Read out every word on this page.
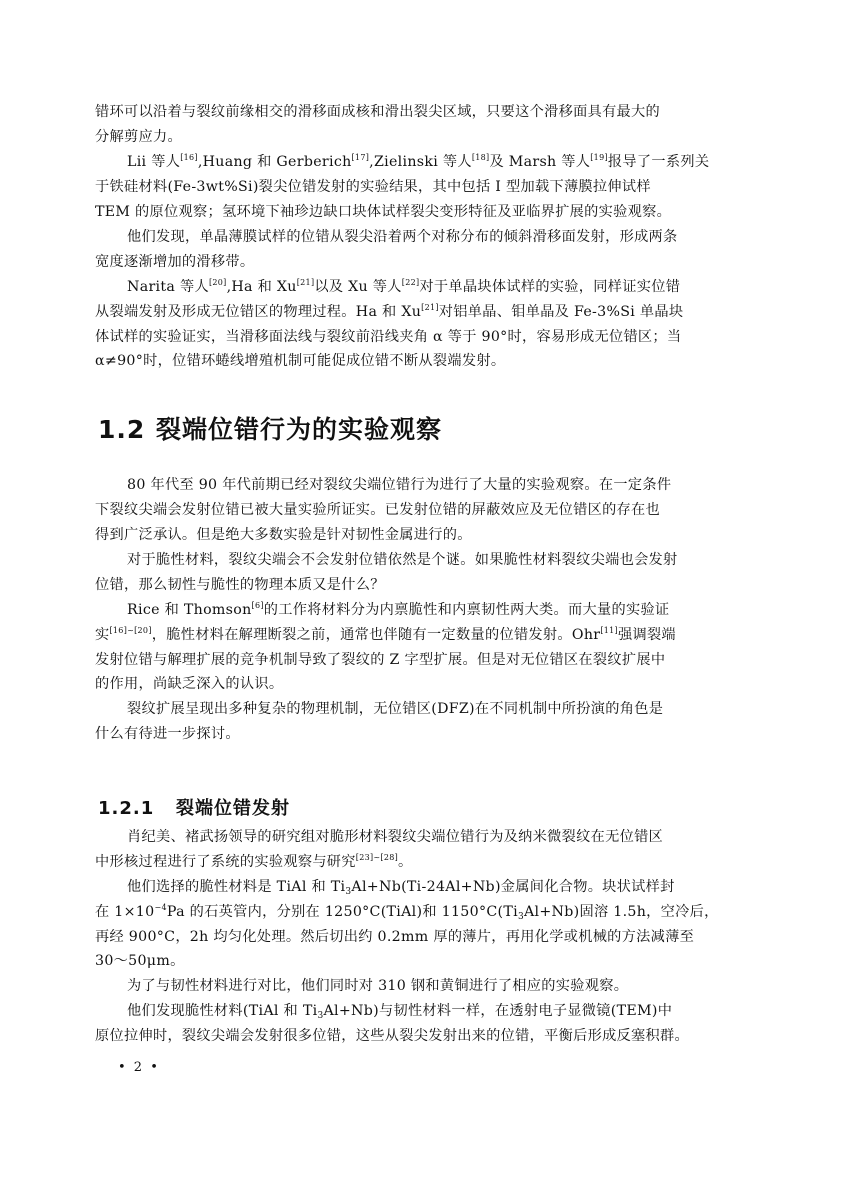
错环可以沿着与裂纹前缘相交的滑移面成核和滑出裂尖区域，只要这个滑移面具有最大的
分解剪应力。
Lii 等人[16],Huang 和 Gerberich[17],Zielinski 等人[18]及 Marsh 等人[19]报导了一系列关
于铁硅材料(Fe-3wt%Si)裂尖位错发射的实验结果，其中包括 I 型加载下薄膜拉伸试样
TEM 的原位观察；氢环境下袖珍边缺口块体试样裂尖变形特征及亚临界扩展的实验观察。
他们发现，单晶薄膜试样的位错从裂尖沿着两个对称分布的倾斜滑移面发射，形成两条
宽度逐渐增加的滑移带。
Narita 等人[20],Ha 和 Xu[21]以及 Xu 等人[22]对于单晶块体试样的实验，同样证实位错
从裂端发射及形成无位错区的物理过程。Ha 和 Xu[21]对铝单晶、钼单晶及 Fe-3%Si 单晶块
体试样的实验证实，当滑移面法线与裂纹前沿线夹角 α 等于 90°时，容易形成无位错区；当
α≠90°时，位错环蜷线增殖机制可能促成位错不断从裂端发射。
1.2 裂端位错行为的实验观察
80 年代至 90 年代前期已经对裂纹尖端位错行为进行了大量的实验观察。在一定条件
下裂纹尖端会发射位错已被大量实验所证实。已发射位错的屏蔽效应及无位错区的存在也
得到广泛承认。但是绝大多数实验是针对韧性金属进行的。
对于脆性材料，裂纹尖端会不会发射位错依然是个谜。如果脆性材料裂纹尖端也会发射
位错，那么韧性与脆性的物理本质又是什么？
Rice 和 Thomson[6]的工作将材料分为内禀脆性和内禀韧性两大类。而大量的实验证
实[16]~[20]，脆性材料在解理断裂之前，通常也伴随有一定数量的位错发射。Ohr[11]强调裂端
发射位错与解理扩展的竞争机制导致了裂纹的 Z 字型扩展。但是对无位错区在裂纹扩展中
的作用，尚缺乏深入的认识。
裂纹扩展呈现出多种复杂的物理机制，无位错区(DFZ)在不同机制中所扮演的角色是
什么有待进一步探讨。
1.2.1 裂端位错发射
肖纪美、褚武扬领导的研究组对脆形材料裂纹尖端位错行为及纳米微裂纹在无位错区
中形核过程进行了系统的实验观察与研究[23]~[28]。
他们选择的脆性材料是 TiAl 和 $Ti_3Al+Nb(Ti-24Al+Nb)$金属间化合物。块状试样封
在 $1\times 10^{-4}Pa$ 的石英管内，分别在 1250°C(TiAl)和 $1150^\circ C(Ti_3Al+Nb)$固溶 1.5h，空冷后，
再经 900°C，2h 均匀化处理。然后切出约 0.2mm 厚的薄片，再用化学或机械的方法减薄至
30～50μm。
为了与韧性材料进行对比，他们同时对 310 钢和黄铜进行了相应的实验观察。
他们发现脆性材料(TiAl 和 $Ti_3Al+Nb$)与韧性材料一样，在透射电子显微镜(TEM)中
原位拉伸时，裂纹尖端会发射很多位错，这些从裂尖发射出来的位错，平衡后形成反塞积群。
• 2 •
